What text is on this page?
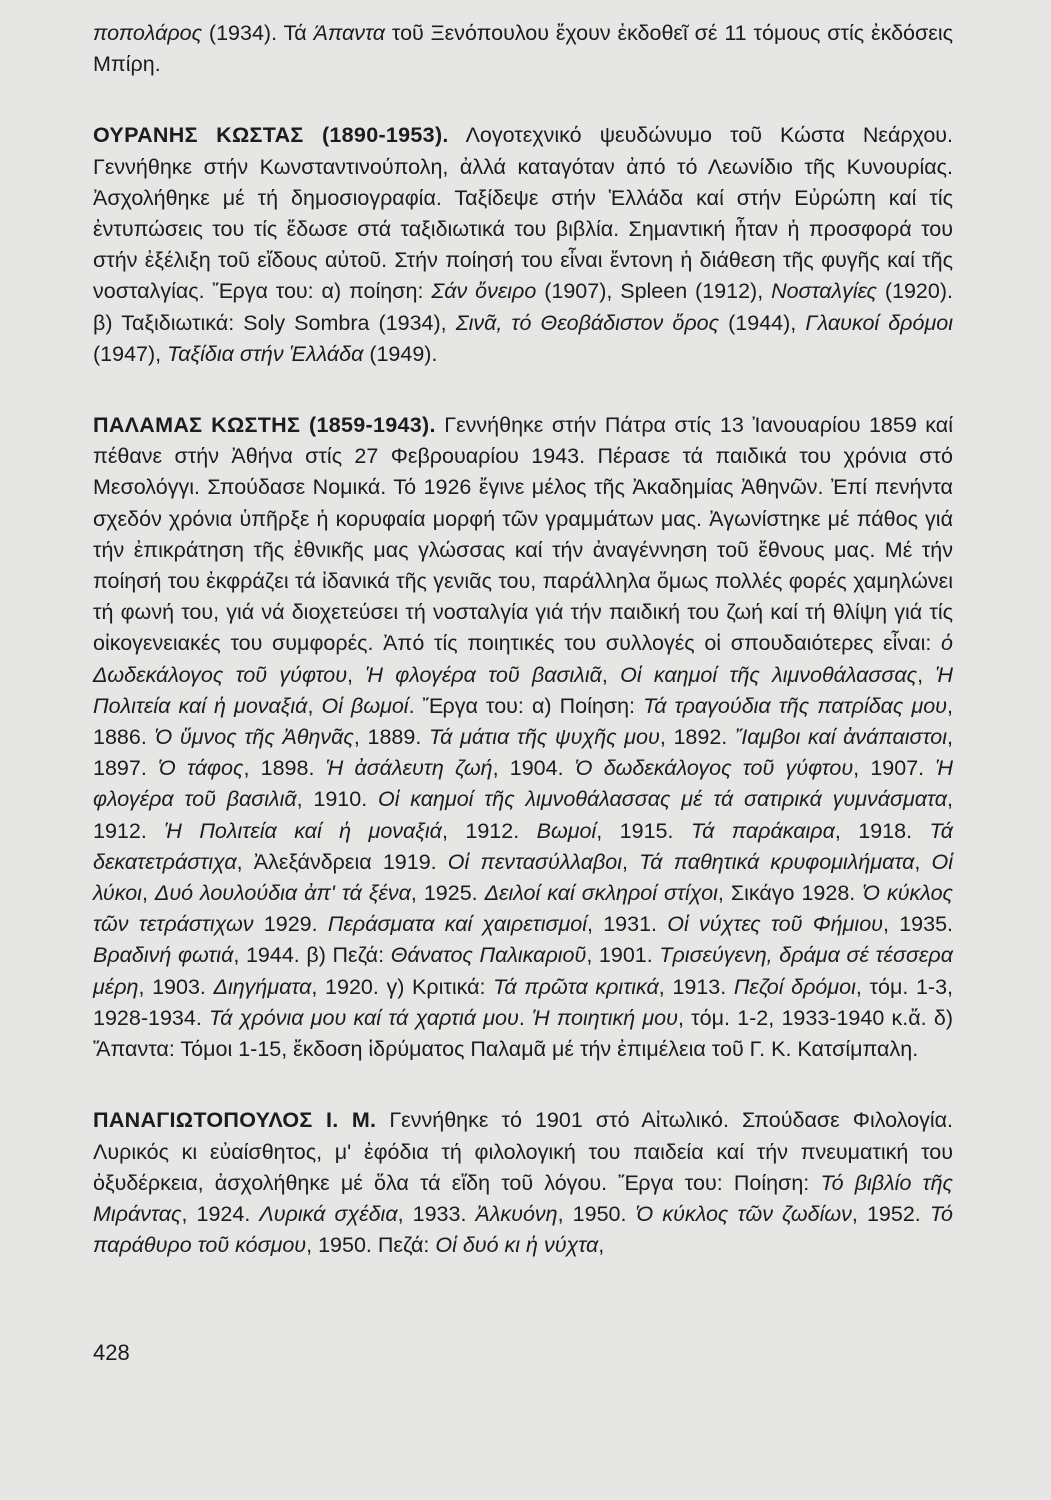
ποπολάρος (1934). Τά Άπαντα τοῦ Ξενόπουλου ἔχουν ἐκδοθεῖ σέ 11 τόμους στίς ἐκδόσεις Μπίρη.

ΟΥΡΑΝΗΣ ΚΩΣΤΑΣ (1890-1953). Λογοτεχνικό ψευδώνυμο τοῦ Κώστα Νεάρχου. Γεννήθηκε στήν Κωνσταντινούπολη, ἀλλά καταγόταν ἀπό τό Λεωνίδιο τῆς Κυνουρίας. Ἀσχολήθηκε μέ τή δημοσιογραφία. Ταξίδεψε στήν Ἑλλάδα καί στήν Εὐρώπη καί τίς ἐντυπώσεις του τίς ἔδωσε στά ταξιδιωτικά του βιβλία. Σημαντική ἦταν ἡ προσφορά του στήν ἐξέλιξη τοῦ εἴδους αὐτοῦ. Στήν ποίησή του εἶναι ἔντονη ἡ διάθεση τῆς φυγῆς καί τῆς νοσταλγίας. Ἔργα του: α) ποίηση: Σάν ὄνειρο (1907), Spleen (1912), Νοσταλγίες (1920). β) Ταξιδιωτικά: Soly Sombra (1934), Σινᾶ, τό Θεοβάδιστον ὄρος (1944), Γλαυκοί δρόμοι (1947), Ταξίδια στήν Ἑλλάδα (1949).

ΠΑΛΑΜΑΣ ΚΩΣΤΗΣ (1859-1943). Γεννήθηκε στήν Πάτρα στίς 13 Ἰανουαρίου 1859 καί πέθανε στήν Ἀθήνα στίς 27 Φεβρουαρίου 1943. Πέρασε τά παιδικά του χρόνια στό Μεσολόγγι. Σπούδασε Νομικά. Τό 1926 ἔγινε μέλος τῆς Ἀκαδημίας Ἀθηνῶν. Ἐπί πενήντα σχεδόν χρόνια ὑπῆρξε ἡ κορυφαία μορφή τῶν γραμμάτων μας. Ἀγωνίστηκε μέ πάθος γιά τήν ἐπικράτηση τῆς ἐθνικῆς μας γλώσσας καί τήν ἀναγέννηση τοῦ ἔθνους μας. Μέ τήν ποίησή του ἐκφράζει τά ἰδανικά τῆς γενιᾶς του, παράλληλα ὅμως πολλές φορές χαμηλώνει τή φωνή του, γιά νά διοχετεύσει τή νοσταλγία γιά τήν παιδική του ζωή καί τή θλίψη γιά τίς οἰκογενειακές του συμφορές. Ἀπό τίς ποιητικές του συλλογές οἱ σπουδαιότερες εἶναι: ὁ Δωδεκάλογος τοῦ γύφτου, Ἡ φλογέρα τοῦ βασιλιᾶ, Οἱ καημοί τῆς λιμνοθάλασσας, Ἡ Πολιτεία καί ἡ μοναξιά, Οἱ βωμοί. Ἔργα του: α) Ποίηση: Τά τραγούδια τῆς πατρίδας μου, 1886. Ὁ ὕμνος τῆς Ἀθηνᾶς, 1889. Τά μάτια τῆς ψυχῆς μου, 1892. Ἴαμβοι καί ἀνάπαιστοι, 1897. Ὁ τάφος, 1898. Ἡ ἀσάλευτη ζωή, 1904. Ὁ δωδεκάλογος τοῦ γύφτου, 1907. Ἡ φλογέρα τοῦ βασιλιᾶ, 1910. Οἱ καημοί τῆς λιμνοθάλασσας μέ τά σατιρικά γυμνάσματα, 1912. Ἡ Πολιτεία καί ἡ μοναξιά, 1912. Βωμοί, 1915. Τά παράκαιρα, 1918. Τά δεκατετράστιχα, Ἀλεξάνδρεια 1919. Οἱ πεντασύλλαβοι, Τά παθητικά κρυφομιλήματα, Οἱ λύκοι, Δυό λουλούδια ἀπ' τά ξένα, 1925. Δειλοί καί σκληροί στίχοι, Σικάγο 1928. Ὁ κύκλος τῶν τετράστιχων 1929. Περάσματα καί χαιρετισμοί, 1931. Οἱ νύχτες τοῦ Φήμιου, 1935. Βραδινή φωτιά, 1944. β) Πεζά: Θάνατος Παλικαριοῦ, 1901. Τρισεύγενη, δράμα σέ τέσσερα μέρη, 1903. Διηγήματα, 1920. γ) Κριτικά: Τά πρῶτα κριτικά, 1913. Πεζοί δρόμοι, τόμ. 1-3, 1928-1934. Τά χρόνια μου καί τά χαρτιά μου. Ἡ ποιητική μου, τόμ. 1-2, 1933-1940 κ.ἄ. δ) Ἅπαντα: Τόμοι 1-15, ἔκδοση ἱδρύματος Παλαμᾶ μέ τήν ἐπιμέλεια τοῦ Γ. Κ. Κατσίμπαλη.

ΠΑΝΑΓΙΩΤΟΠΟΥΛΟΣ Ι. Μ. Γεννήθηκε τό 1901 στό Αἰτωλικό. Σπούδασε Φιλολογία. Λυρικός κι εὐαίσθητος, μ' ἐφόδια τή φιλολογική του παιδεία καί τήν πνευματική του ὀξυδέρκεια, ἀσχολήθηκε μέ ὅλα τά εἴδη τοῦ λόγου. Ἔργα του: Ποίηση: Τό βιβλίο τῆς Μιράντας, 1924. Λυρικά σχέδια, 1933. Ἀλκυόνη, 1950. Ὁ κύκλος τῶν ζωδίων, 1952. Τό παράθυρο τοῦ κόσμου, 1950. Πεζά: Οἱ δυό κι ἡ νύχτα,

428
